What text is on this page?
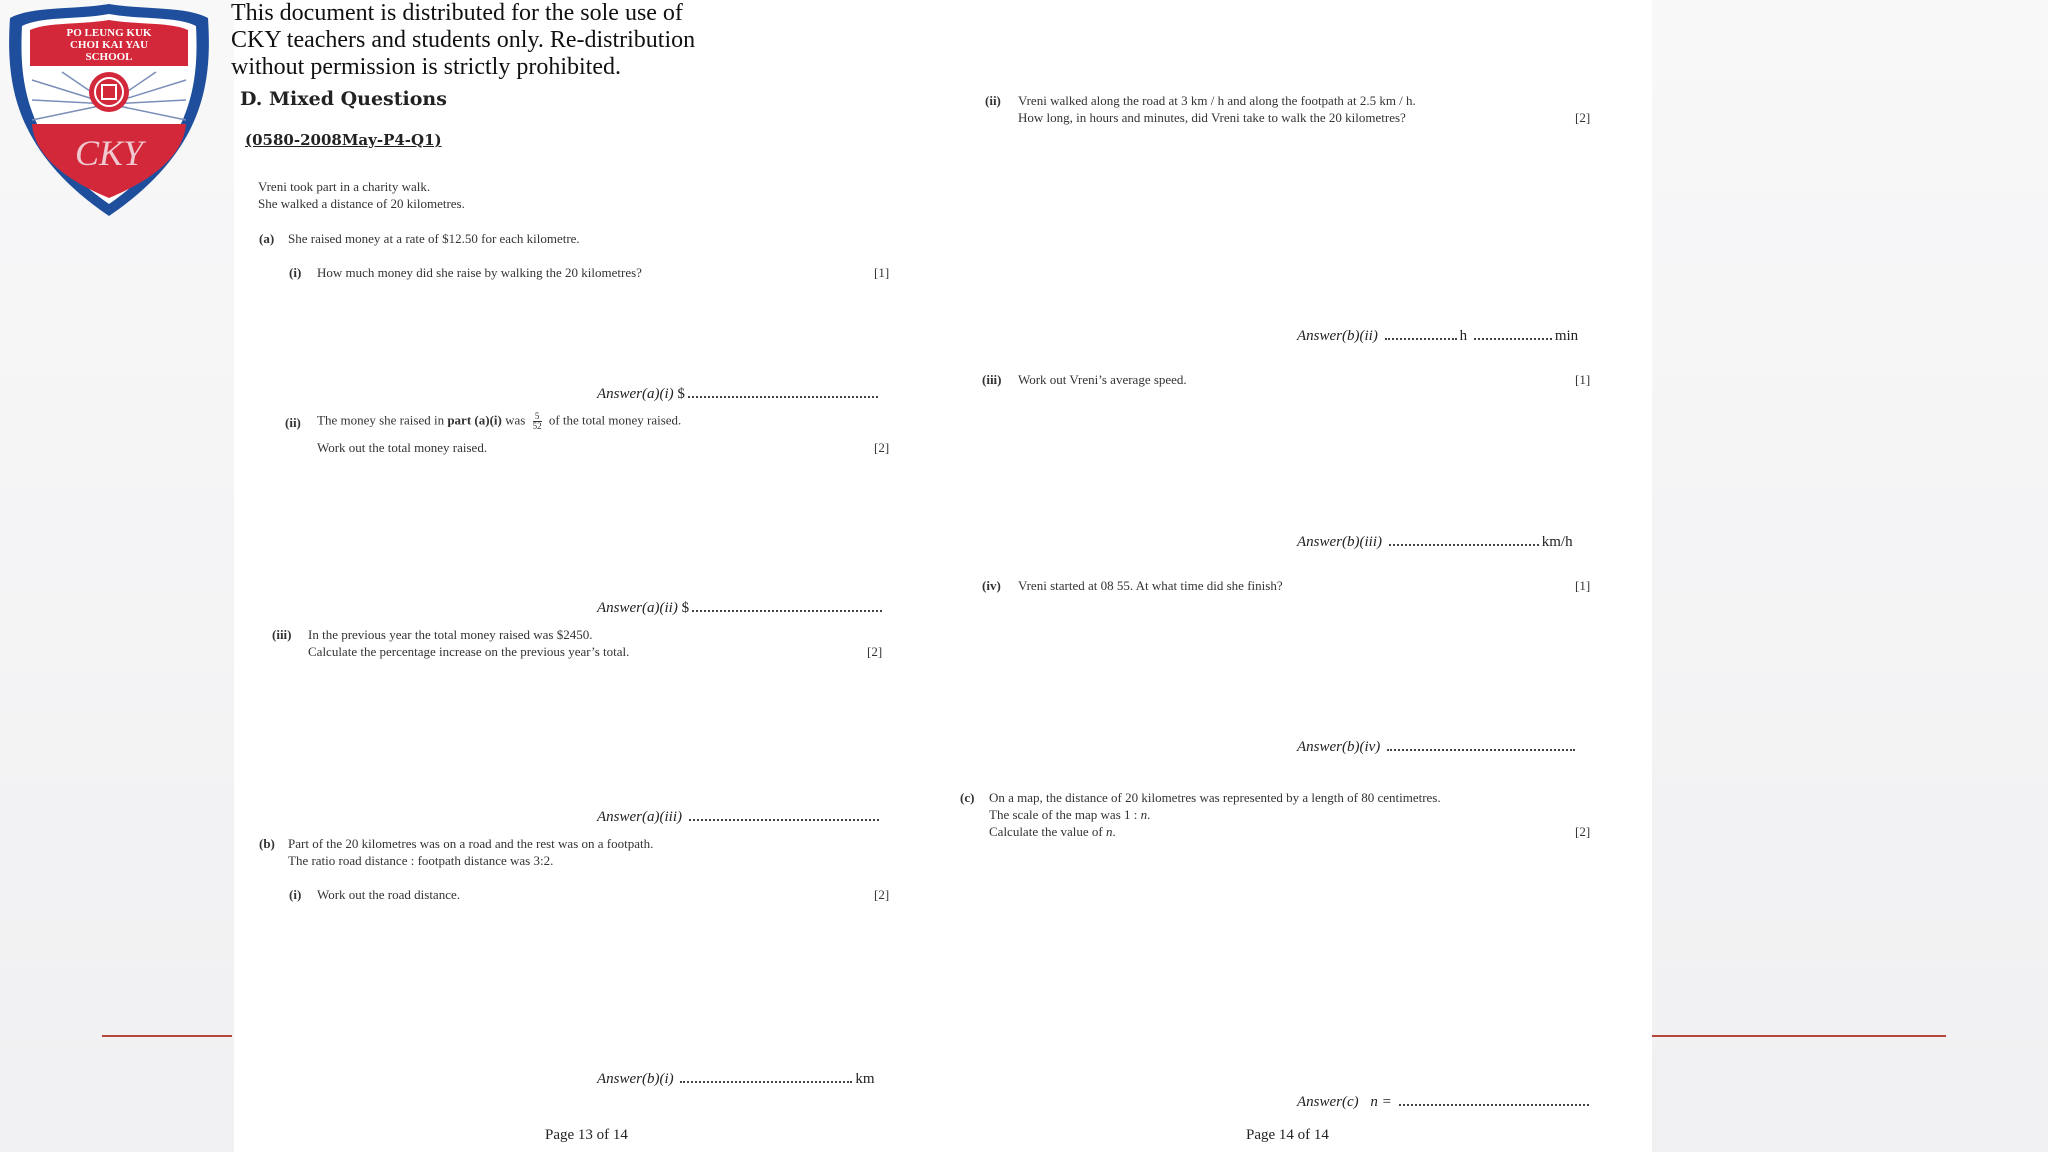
PO LEUNG KUK
CHOI KAI YAU
SCHOOL
CKY
This document is distributed for the sole use of
CKY teachers and students only. Re-distribution
without permission is strictly prohibited.
D. Mixed Questions
(0580-2008May-P4-Q1)
Vreni took part in a charity walk.
She walked a distance of 20 kilometres.
(a) She raised money at a rate of $12.50 for each kilometre.
(i) How much money did she raise by walking the 20 kilometres?	[1]
Answer(a)(i) $
(ii) The money she raised in part (a)(i) was $\frac{5}{52}$ of the total money raised.
Work out the total money raised.	[2]
Answer(a)(ii) $
(iii) In the previous year the total money raised was $2450.
Calculate the percentage increase on the previous year’s total.	[2]
Answer(a)(iii)
(b) Part of the 20 kilometres was on a road and the rest was on a footpath.
The ratio road distance : footpath distance was 3:2.
(i) Work out the road distance.	[2]
Answer(b)(i)	km
Page 13 of 14
(ii) Vreni walked along the road at 3 km / h and along the footpath at 2.5 km / h.
How long, in hours and minutes, did Vreni take to walk the 20 kilometres?	[2]
Answer(b)(ii)	h	min
(iii) Work out Vreni’s average speed.	[1]
Answer(b)(iii)	km/h
(iv) Vreni started at 08 55. At what time did she finish?	[1]
Answer(b)(iv)
(c) On a map, the distance of 20 kilometres was represented by a length of 80 centimetres.
The scale of the map was 1 : n.
Calculate the value of n.	[2]
Answer(c) n =
Page 14 of 14
